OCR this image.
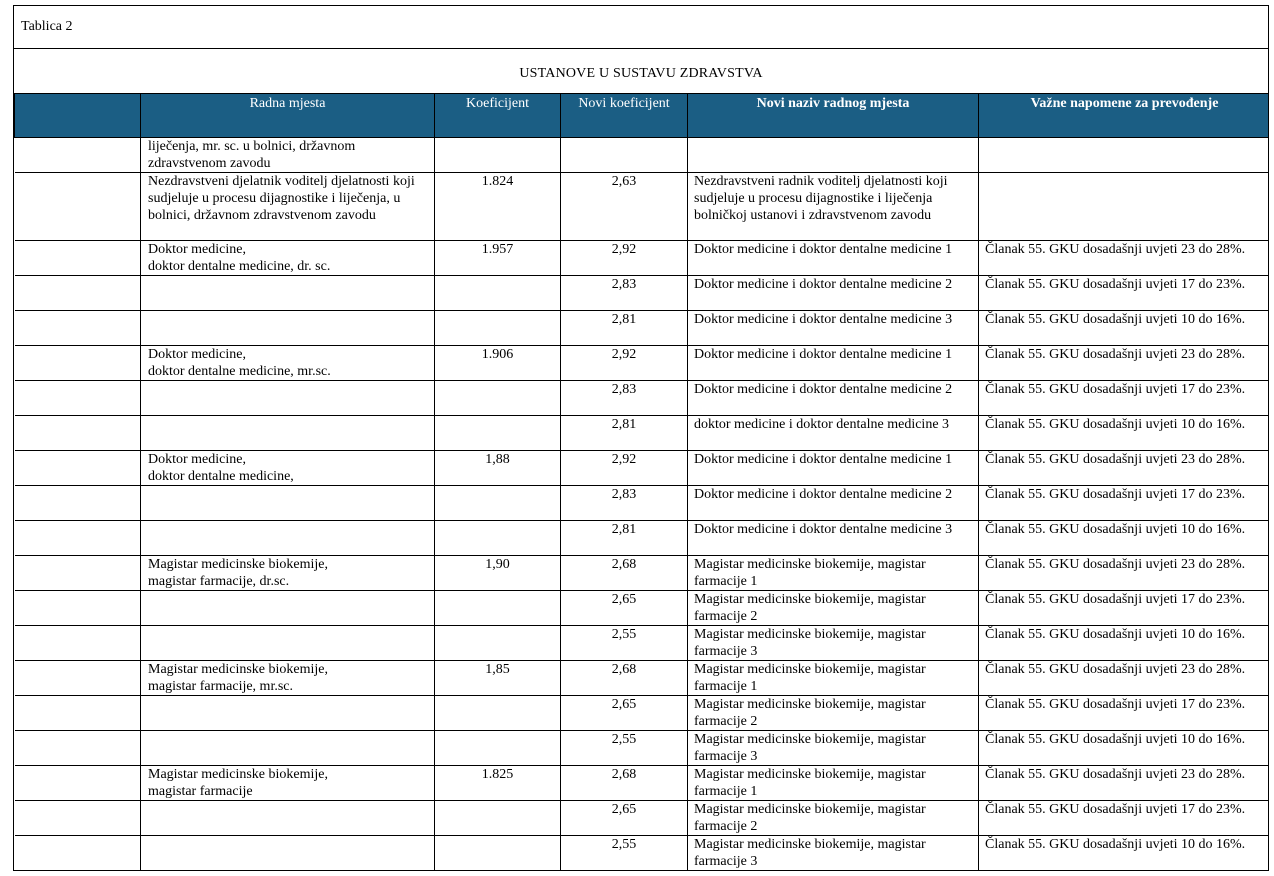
Tablica 2
USTANOVE U SUSTAVU ZDRAVSTVA
	Radna mjesta	Koeficijent	Novi koeficijent	Novi naziv radnog mjesta	Važne napomene za prevođenje
	liječenja, mr. sc. u bolnici, državnom zdravstvenom zavodu				
	Nezdravstveni djelatnik voditelj djelatnosti koji sudjeluje u procesu dijagnostike i liječenja, u bolnici, državnom zdravstvenom zavodu	1.824	2,63	Nezdravstveni radnik voditelj djelatnosti koji sudjeluje u procesu dijagnostike i liječenja bolničkoj ustanovi i zdravstvenom zavodu	
	Doktor medicine,
doktor dentalne medicine, dr. sc.	1.957	2,92	Doktor medicine i doktor dentalne medicine 1	Članak 55. GKU dosadašnji uvjeti 23 do 28%.
			2,83	Doktor medicine i doktor dentalne medicine 2	Članak 55. GKU dosadašnji uvjeti 17 do 23%.
			2,81	Doktor medicine i doktor dentalne medicine 3	Članak 55. GKU dosadašnji uvjeti 10 do 16%.
	Doktor medicine,
doktor dentalne medicine, mr.sc.	1.906	2,92	Doktor medicine i doktor dentalne medicine 1	Članak 55. GKU dosadašnji uvjeti 23 do 28%.
			2,83	Doktor medicine i doktor dentalne medicine 2	Članak 55. GKU dosadašnji uvjeti 17 do 23%.
			2,81	doktor medicine i doktor dentalne medicine 3	Članak 55. GKU dosadašnji uvjeti 10 do 16%.
	Doktor medicine,
doktor dentalne medicine,	1,88	2,92	Doktor medicine i doktor dentalne medicine 1	Članak 55. GKU dosadašnji uvjeti 23 do 28%.
			2,83	Doktor medicine i doktor dentalne medicine 2	Članak 55. GKU dosadašnji uvjeti 17 do 23%.
			2,81	Doktor medicine i doktor dentalne medicine 3	Članak 55. GKU dosadašnji uvjeti 10 do 16%.
	Magistar medicinske biokemije,
magistar farmacije, dr.sc.	1,90	2,68	Magistar medicinske biokemije, magistar farmacije 1	Članak 55. GKU dosadašnji uvjeti 23 do 28%.
			2,65	Magistar medicinske biokemije, magistar farmacije 2	Članak 55. GKU dosadašnji uvjeti 17 do 23%.
			2,55	Magistar medicinske biokemije, magistar farmacije 3	Članak 55. GKU dosadašnji uvjeti 10 do 16%.
	Magistar medicinske biokemije,
magistar farmacije, mr.sc.	1,85	2,68	Magistar medicinske biokemije, magistar farmacije 1	Članak 55. GKU dosadašnji uvjeti 23 do 28%.
			2,65	Magistar medicinske biokemije, magistar farmacije 2	Članak 55. GKU dosadašnji uvjeti 17 do 23%.
			2,55	Magistar medicinske biokemije, magistar farmacije 3	Članak 55. GKU dosadašnji uvjeti 10 do 16%.
	Magistar medicinske biokemije,
magistar farmacije	1.825	2,68	Magistar medicinske biokemije, magistar farmacije 1	Članak 55. GKU dosadašnji uvjeti 23 do 28%.
			2,65	Magistar medicinske biokemije, magistar farmacije 2	Članak 55. GKU dosadašnji uvjeti 17 do 23%.
			2,55	Magistar medicinske biokemije, magistar farmacije 3	Članak 55. GKU dosadašnji uvjeti 10 do 16%.
